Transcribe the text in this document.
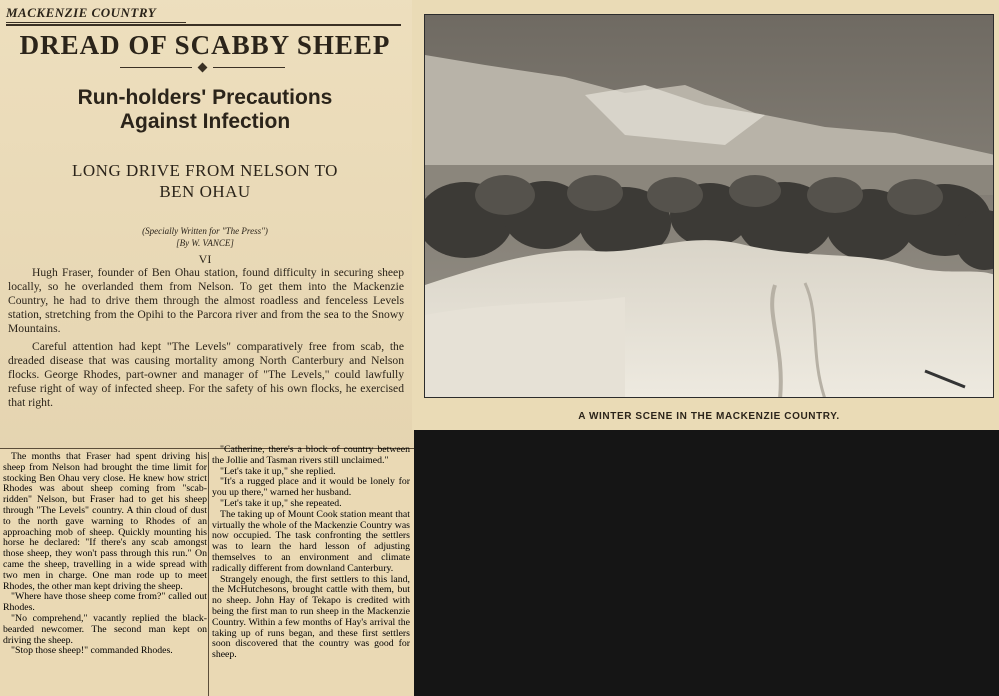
MACKENZIE COUNTRY
DREAD OF SCABBY SHEEP
Run-holders' Precautions
Against Infection
LONG DRIVE FROM NELSON TO
BEN OHAU
(Specially Written for "The Press")
[By W. VANCE]
VI

Hugh Fraser, founder of Ben Ohau station, found difficulty in securing sheep locally, so he overlanded them from Nelson. To get them into the Mackenzie Country, he had to drive them through the almost roadless and fenceless Levels station, stretching from the Opihi to the Parcora river and from the sea to the Snowy Mountains.

Careful attention had kept "The Levels" comparatively free from scab, the dreaded disease that was causing mortality among North Canterbury and Nelson flocks. George Rhodes, part-owner and manager of "The Levels," could lawfully refuse right of way of infected sheep. For the safety of his own flocks, he exercised that right.

A WINTER SCENE IN THE MACKENZIE COUNTRY.

The months that Fraser had spent driving his sheep from Nelson had brought the time limit for stocking Ben Ohau very close. He knew how strict Rhodes was about sheep coming from "scab-ridden" Nelson, but Fraser had to get his sheep through "The Levels" country. A thin cloud of dust to the north gave warning to Rhodes of an approaching mob of sheep. Quickly mounting his horse he declared: "If there's any scab amongst those sheep, they won't pass through this run." On came the sheep, travelling in a wide spread with two men in charge. One man rode up to meet Rhodes, the other man kept driving the sheep.

"Where have those sheep come from?" called out Rhodes.

"No comprehend," vacantly replied the black-bearded newcomer. The second man kept on driving the sheep.

"Stop those sheep!" commanded Rhodes.

"Catherine, there's a block of country between the Jollie and Tasman rivers still unclaimed."

"Let's take it up," she replied.

"It's a rugged place and it would be lonely for you up there," warned her husband.

"Let's take it up," she repeated.

The taking up of Mount Cook station meant that virtually the whole of the Mackenzie Country was now occupied. The task confronting the settlers was to learn the hard lesson of adjusting themselves to an environment and climate radically different from downland Canterbury.

Strangely enough, the first settlers to this land, the McHutchesons, brought cattle with them, but no sheep. John Hay of Tekapo is credited with being the first man to run sheep in the Mackenzie Country. Within a few months of Hay's arrival the taking up of runs began, and these first settlers soon discovered that the country was good for sheep.
